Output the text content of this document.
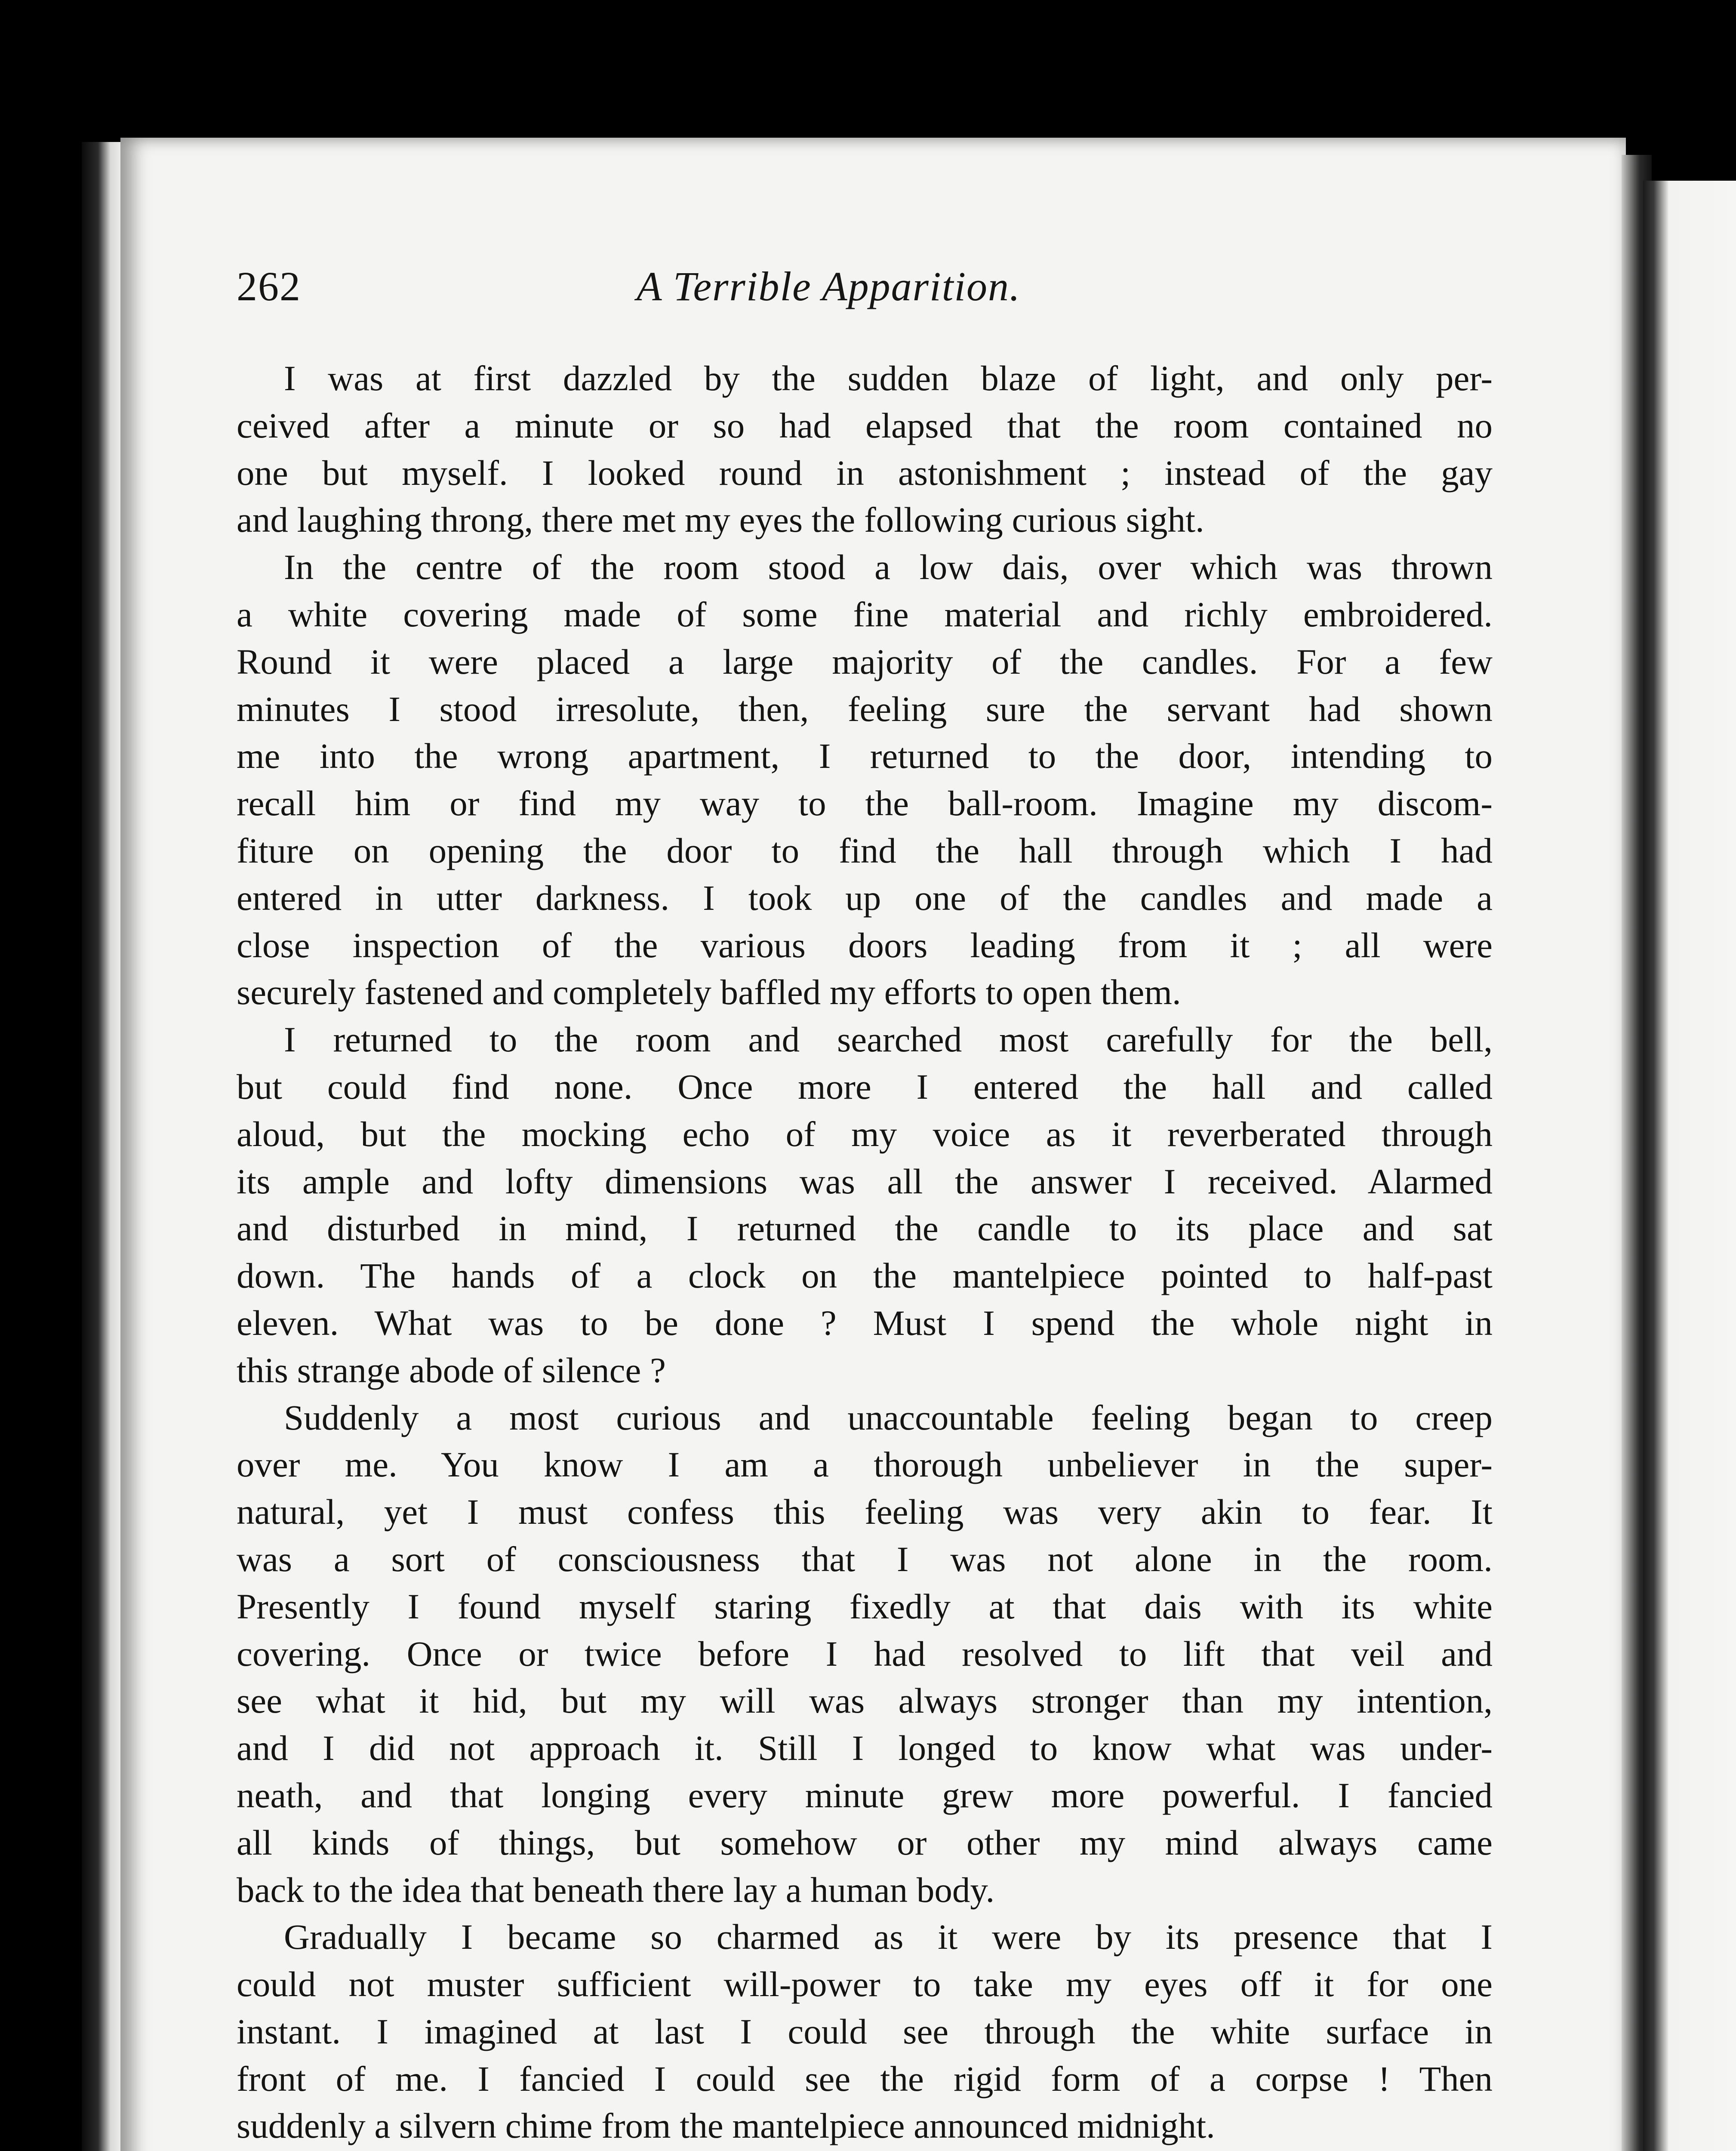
262	A Terrible Apparition.
I was at first dazzled by the sudden blaze of light, and only per-
ceived after a minute or so had elapsed that the room contained no
one but myself. I looked round in astonishment ; instead of the gay
and laughing throng, there met my eyes the following curious sight.
In the centre of the room stood a low dais, over which was thrown
a white covering made of some fine material and richly embroidered.
Round it were placed a large majority of the candles. For a few
minutes I stood irresolute, then, feeling sure the servant had shown
me into the wrong apartment, I returned to the door, intending to
recall him or find my way to the ball-room. Imagine my discom-
fiture on opening the door to find the hall through which I had
entered in utter darkness. I took up one of the candles and made a
close inspection of the various doors leading from it ; all were
securely fastened and completely baffled my efforts to open them.
I returned to the room and searched most carefully for the bell,
but could find none. Once more I entered the hall and called
aloud, but the mocking echo of my voice as it reverberated through
its ample and lofty dimensions was all the answer I received. Alarmed
and disturbed in mind, I returned the candle to its place and sat
down. The hands of a clock on the mantelpiece pointed to half-past
eleven. What was to be done ? Must I spend the whole night in
this strange abode of silence ?
Suddenly a most curious and unaccountable feeling began to creep
over me. You know I am a thorough unbeliever in the super-
natural, yet I must confess this feeling was very akin to fear. It
was a sort of consciousness that I was not alone in the room.
Presently I found myself staring fixedly at that dais with its white
covering. Once or twice before I had resolved to lift that veil and
see what it hid, but my will was always stronger than my intention,
and I did not approach it. Still I longed to know what was under-
neath, and that longing every minute grew more powerful. I fancied
all kinds of things, but somehow or other my mind always came
back to the idea that beneath there lay a human body.
Gradually I became so charmed as it were by its presence that I
could not muster sufficient will-power to take my eyes off it for one
instant. I imagined at last I could see through the white surface in
front of me. I fancied I could see the rigid form of a corpse ! Then
suddenly a silvern chime from the mantelpiece announced midnight.
